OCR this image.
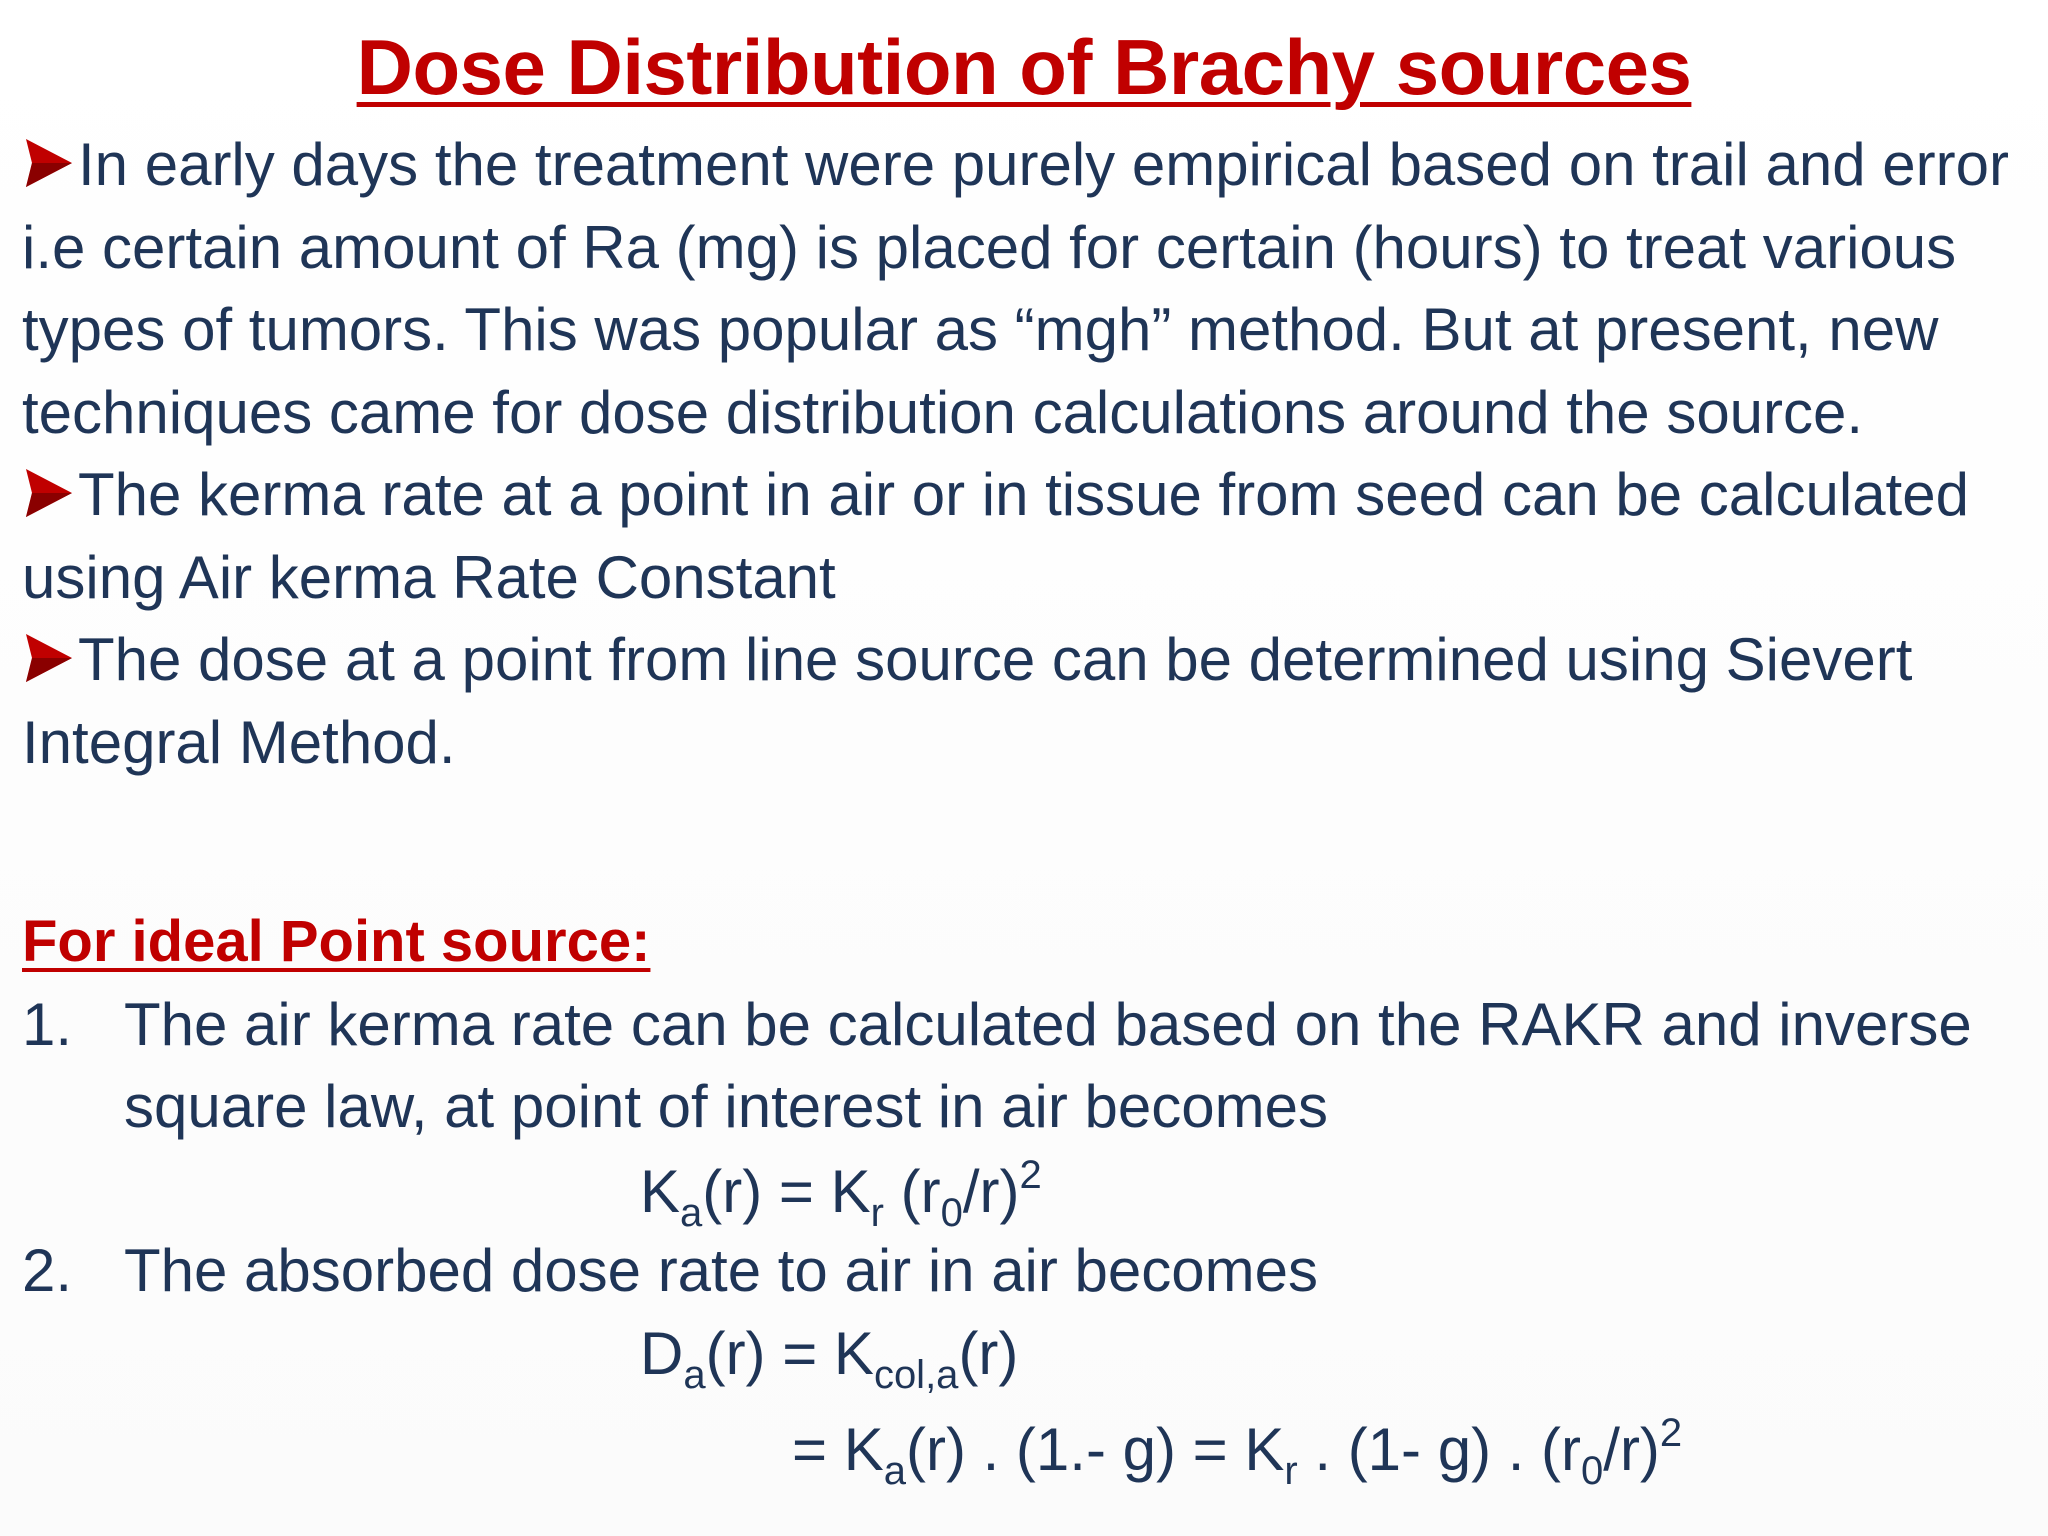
Dose Distribution of Brachy sources

In early days the treatment were purely empirical based on trail and error i.e certain amount of Ra (mg) is placed for certain (hours) to treat various types of tumors. This was popular as “mgh” method. But at present, new techniques came for dose distribution calculations around the source.

The kerma rate at a point in air or in tissue from seed can be calculated using Air kerma Rate Constant

The dose at a point from line source can be determined using Sievert Integral Method.

For ideal Point source:
1. The air kerma rate can be calculated based on the RAKR and inverse square law, at point of interest in air becomes
$K_a(r) = K_r$ $(r_0/r)^2$
2. The absorbed dose rate to air in air becomes
$D_a(r) = K_{col,a}(r)$
= $K_a(r)$ . (1.- $g) = K_r$ . (1- g) . $(r_0/r)^2$
